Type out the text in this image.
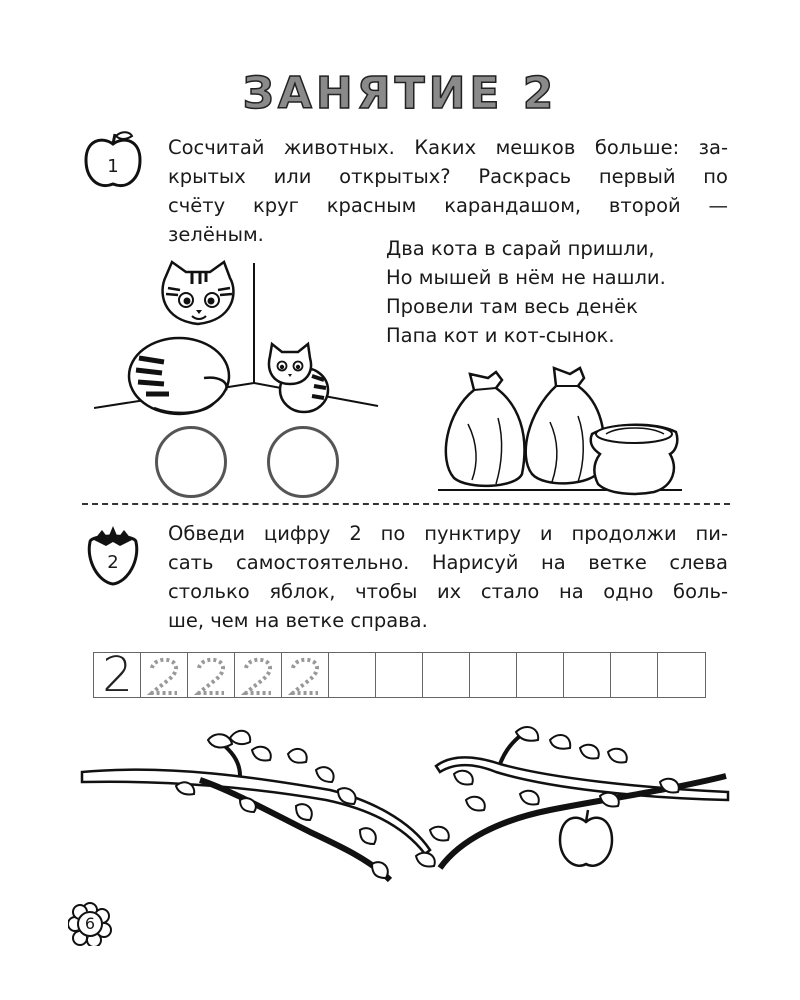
ЗАНЯТИЕ 2
1
Сосчитай животных. Каких мешков больше: за-
крытых или открытых? Раскрась первый по
счёту круг красным карандашом, второй —
зелёным.
Два кота в сарай пришли,
Но мышей в нём не нашли.
Провели там весь денёк
Папа кот и кот-сынок.
2
Обведи цифру 2 по пунктиру и продолжи пи-
сать самостоятельно. Нарисуй на ветке слева
столько яблок, чтобы их стало на одно боль-
ше, чем на ветке справа.
2
6
